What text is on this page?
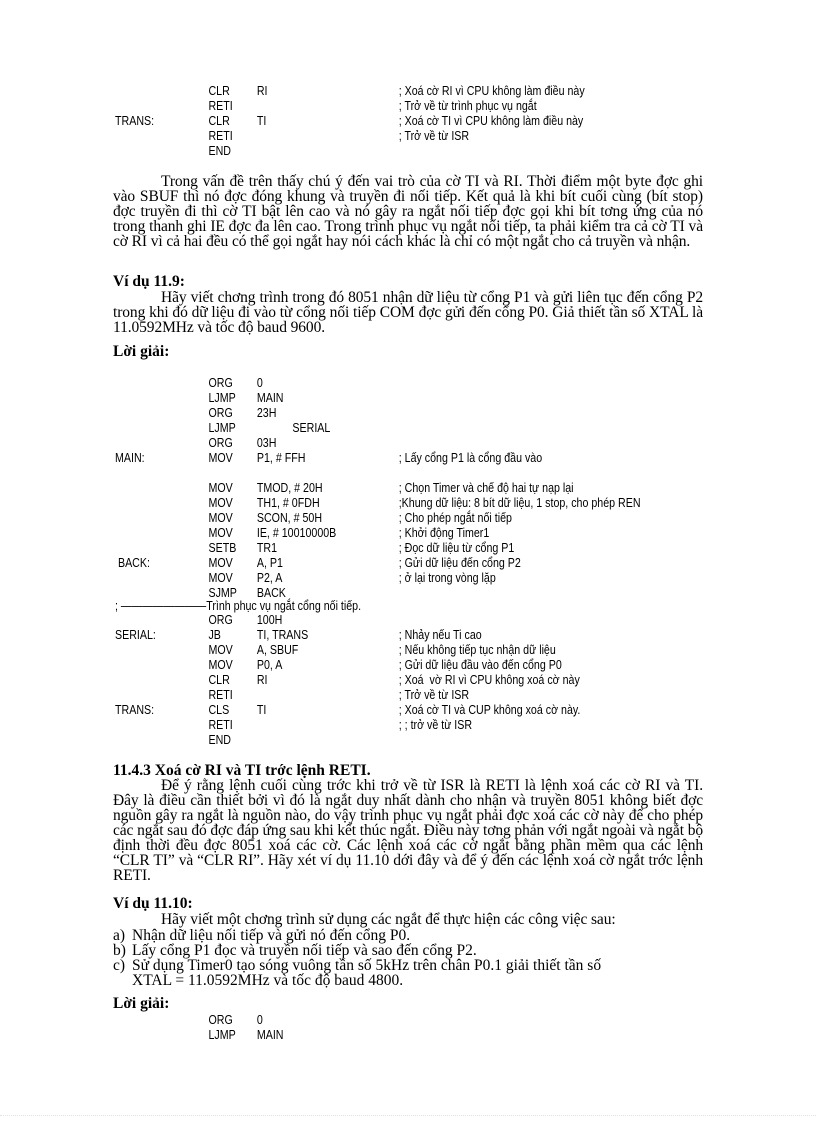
CLR RI	; Xoá cờ RI vì CPU không làm điều này
RETI	; Trở về từ trình phục vụ ngắt
TRANS:	CLR TI	; Xoá cờ TI vì CPU không làm điều này
RETI	; Trở về từ ISR
END
Trong vấn đề trên thấy chú ý đến vai trò của cờ TI và RI. Thời điểm một byte đợc ghi vào SBUF thì nó đợc đóng khung và truyền đi nối tiếp. Kết quả là khi bít cuối cùng (bít stop) đợc truyền đi thì cờ TI bật lên cao và nó gây ra ngắt nối tiếp đợc gọi khi bít tơng ứng của nó trong thanh ghi IE đợc đa lên cao. Trong trình phục vụ ngắt nối tiếp, ta phải kiểm tra cả cờ TI và cờ RI vì cả hai đều có thể gọi ngắt hay nói cách khác là chỉ có một ngắt cho cả truyền và nhận.
Ví dụ 11.9:
Hãy viết chơng trình trong đó 8051 nhận dữ liệu từ cổng P1 và gửi liên tục đến cổng P2 trong khi đó dữ liệu đi vào từ cổng nối tiếp COM đợc gửi đến cổng P0. Giả thiết tần số XTAL là 11.0592MHz và tốc độ baud 9600.
Lời giải:
ORG 0
LJMP MAIN
ORG 23H
LJMP SERIAL
ORG 03H
MAIN:	MOV P1, # FFH	; Lấy cổng P1 là cổng đầu vào
MOV TMOD, # 20H	; Chọn Timer và chế độ hai tự nạp lại
MOV TH1, # 0FDH	;Khung dữ liệu: 8 bít dữ liệu, 1 stop, cho phép REN
MOV SCON, # 50H	; Cho phép ngắt nối tiếp
MOV IE, # 10010000B	; Khởi động Timer1
SETB TR1	; Đọc dữ liệu từ cổng P1
BACK:	MOV A, P1	; Gửi dữ liệu đến cổng P2
MOV P2, A	; ở lại trong vòng lặp
SJMP BACK
; ————————Trình phục vụ ngắt cổng nối tiếp.
ORG 100H
SERIAL:	JB	TI, TRANS	; Nhảy nếu Ti cao
MOV A, SBUF	; Nếu không tiếp tục nhận dữ liệu
MOV P0, A	; Gửi dữ liệu đầu vào đến cổng P0
CLR RI	; Xoá  vờ RI vì CPU không xoá cờ này
RETI	; Trở về từ ISR
TRANS:	CLS TI	; Xoá cờ TI và CUP không xoá cờ này.
RETI	; ; trở về từ ISR
END
11.4.3 Xoá cờ RI và TI trớc lệnh RETI.
Để ý rằng lệnh cuối cùng trớc khi trở về từ ISR là RETI là lệnh xoá các cờ RI và TI. Đây là điều cần thiết bởi vì đó là ngắt duy nhất dành cho nhận và truyền 8051 không biết đợc nguồn gây ra ngắt là nguồn nào, do vậy trình phục vụ ngắt phải đợc xoá các cờ này để cho phép các ngắt sau đó đợc đáp ứng sau khi kết thúc ngắt. Điều này tơng phản với ngắt ngoài và ngắt bộ định thời đều đợc 8051 xoá các cờ. Các lệnh xoá các cờ ngắt bằng phần mềm qua các lệnh “CLR TI” và “CLR RI”. Hãy xét ví dụ 11.10 dới đây và để ý đến các lệnh xoá cờ ngắt trớc lệnh RETI.
Ví dụ 11.10:
Hãy viết một chơng trình sử dụng các ngắt để thực hiện các công việc sau:
a) Nhận dữ liệu nối tiếp và gửi nó đến cổng P0.
b) Lấy cổng P1 đọc và truyền nối tiếp và sao đến cổng P2.
c) Sử dụng Timer0 tạo sóng vuông tần số 5kHz trên chân P0.1 giải thiết tần số
XTAL = 11.0592MHz và tốc độ baud 4800.
Lời giải:
ORG 0
LJMP MAIN
